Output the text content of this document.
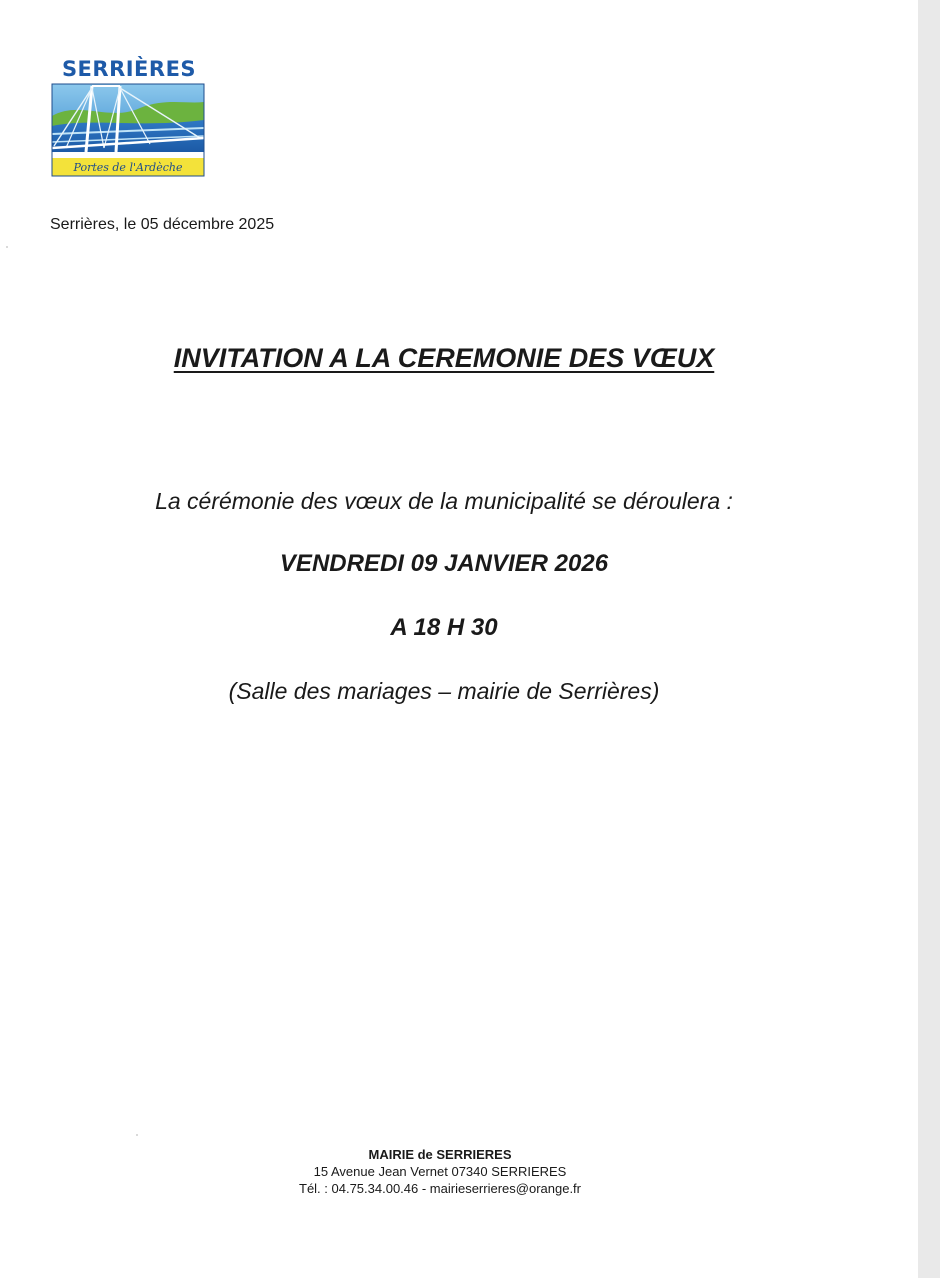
SERRIÈRES
Portes de l'Ardèche
Serrières, le 05 décembre 2025
INVITATION A LA CEREMONIE DES VŒUX
La cérémonie des vœux de la municipalité se déroulera :
VENDREDI 09 JANVIER 2026
A 18 H 30
(Salle des mariages – mairie de Serrières)
MAIRIE de SERRIERES
15 Avenue Jean Vernet 07340 SERRIERES
Tél. : 04.75.34.00.46 - mairieserrieres@orange.fr
